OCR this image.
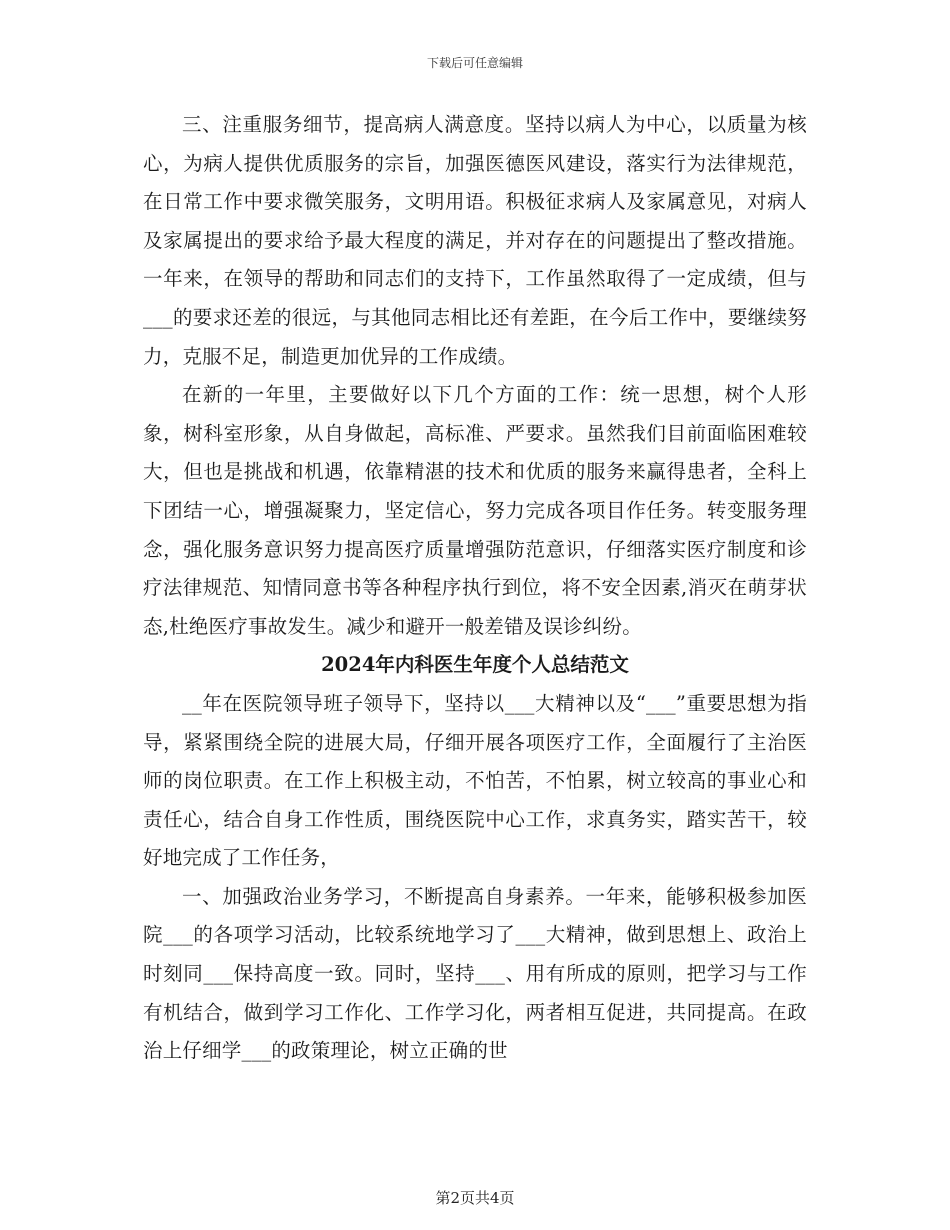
下载后可任意编辑

三、注重服务细节，提高病人满意度。坚持以病人为中心，以质量为核心，为病人提供优质服务的宗旨，加强医德医风建设，落实行为法律规范，在日常工作中要求微笑服务，文明用语。积极征求病人及家属意见，对病人及家属提出的要求给予最大程度的满足，并对存在的问题提出了整改措施。一年来，在领导的帮助和同志们的支持下，工作虽然取得了一定成绩，但与___的要求还差的很远，与其他同志相比还有差距，在今后工作中，要继续努力，克服不足，制造更加优异的工作成绩。

在新的一年里，主要做好以下几个方面的工作：统一思想，树个人形象，树科室形象，从自身做起，高标准、严要求。虽然我们目前面临困难较大，但也是挑战和机遇，依靠精湛的技术和优质的服务来赢得患者，全科上下团结一心，增强凝聚力，坚定信心，努力完成各项目作任务。转变服务理念，强化服务意识努力提高医疗质量增强防范意识，仔细落实医疗制度和诊疗法律规范、知情同意书等各种程序执行到位，将不安全因素,消灭在萌芽状态,杜绝医疗事故发生。减少和避开一般差错及误诊纠纷。

2024年内科医生年度个人总结范文

__年在医院领导班子领导下，坚持以___大精神以及“___”重要思想为指导，紧紧围绕全院的进展大局，仔细开展各项医疗工作，全面履行了主治医师的岗位职责。在工作上积极主动，不怕苦，不怕累，树立较高的事业心和责任心，结合自身工作性质，围绕医院中心工作，求真务实，踏实苦干，较好地完成了工作任务，

一、加强政治业务学习，不断提高自身素养。一年来，能够积极参加医院___的各项学习活动，比较系统地学习了___大精神，做到思想上、政治上时刻同___保持高度一致。同时，坚持___、用有所成的原则，把学习与工作有机结合，做到学习工作化、工作学习化，两者相互促进，共同提高。在政治上仔细学___的政策理论，树立正确的世

第2页共4页
